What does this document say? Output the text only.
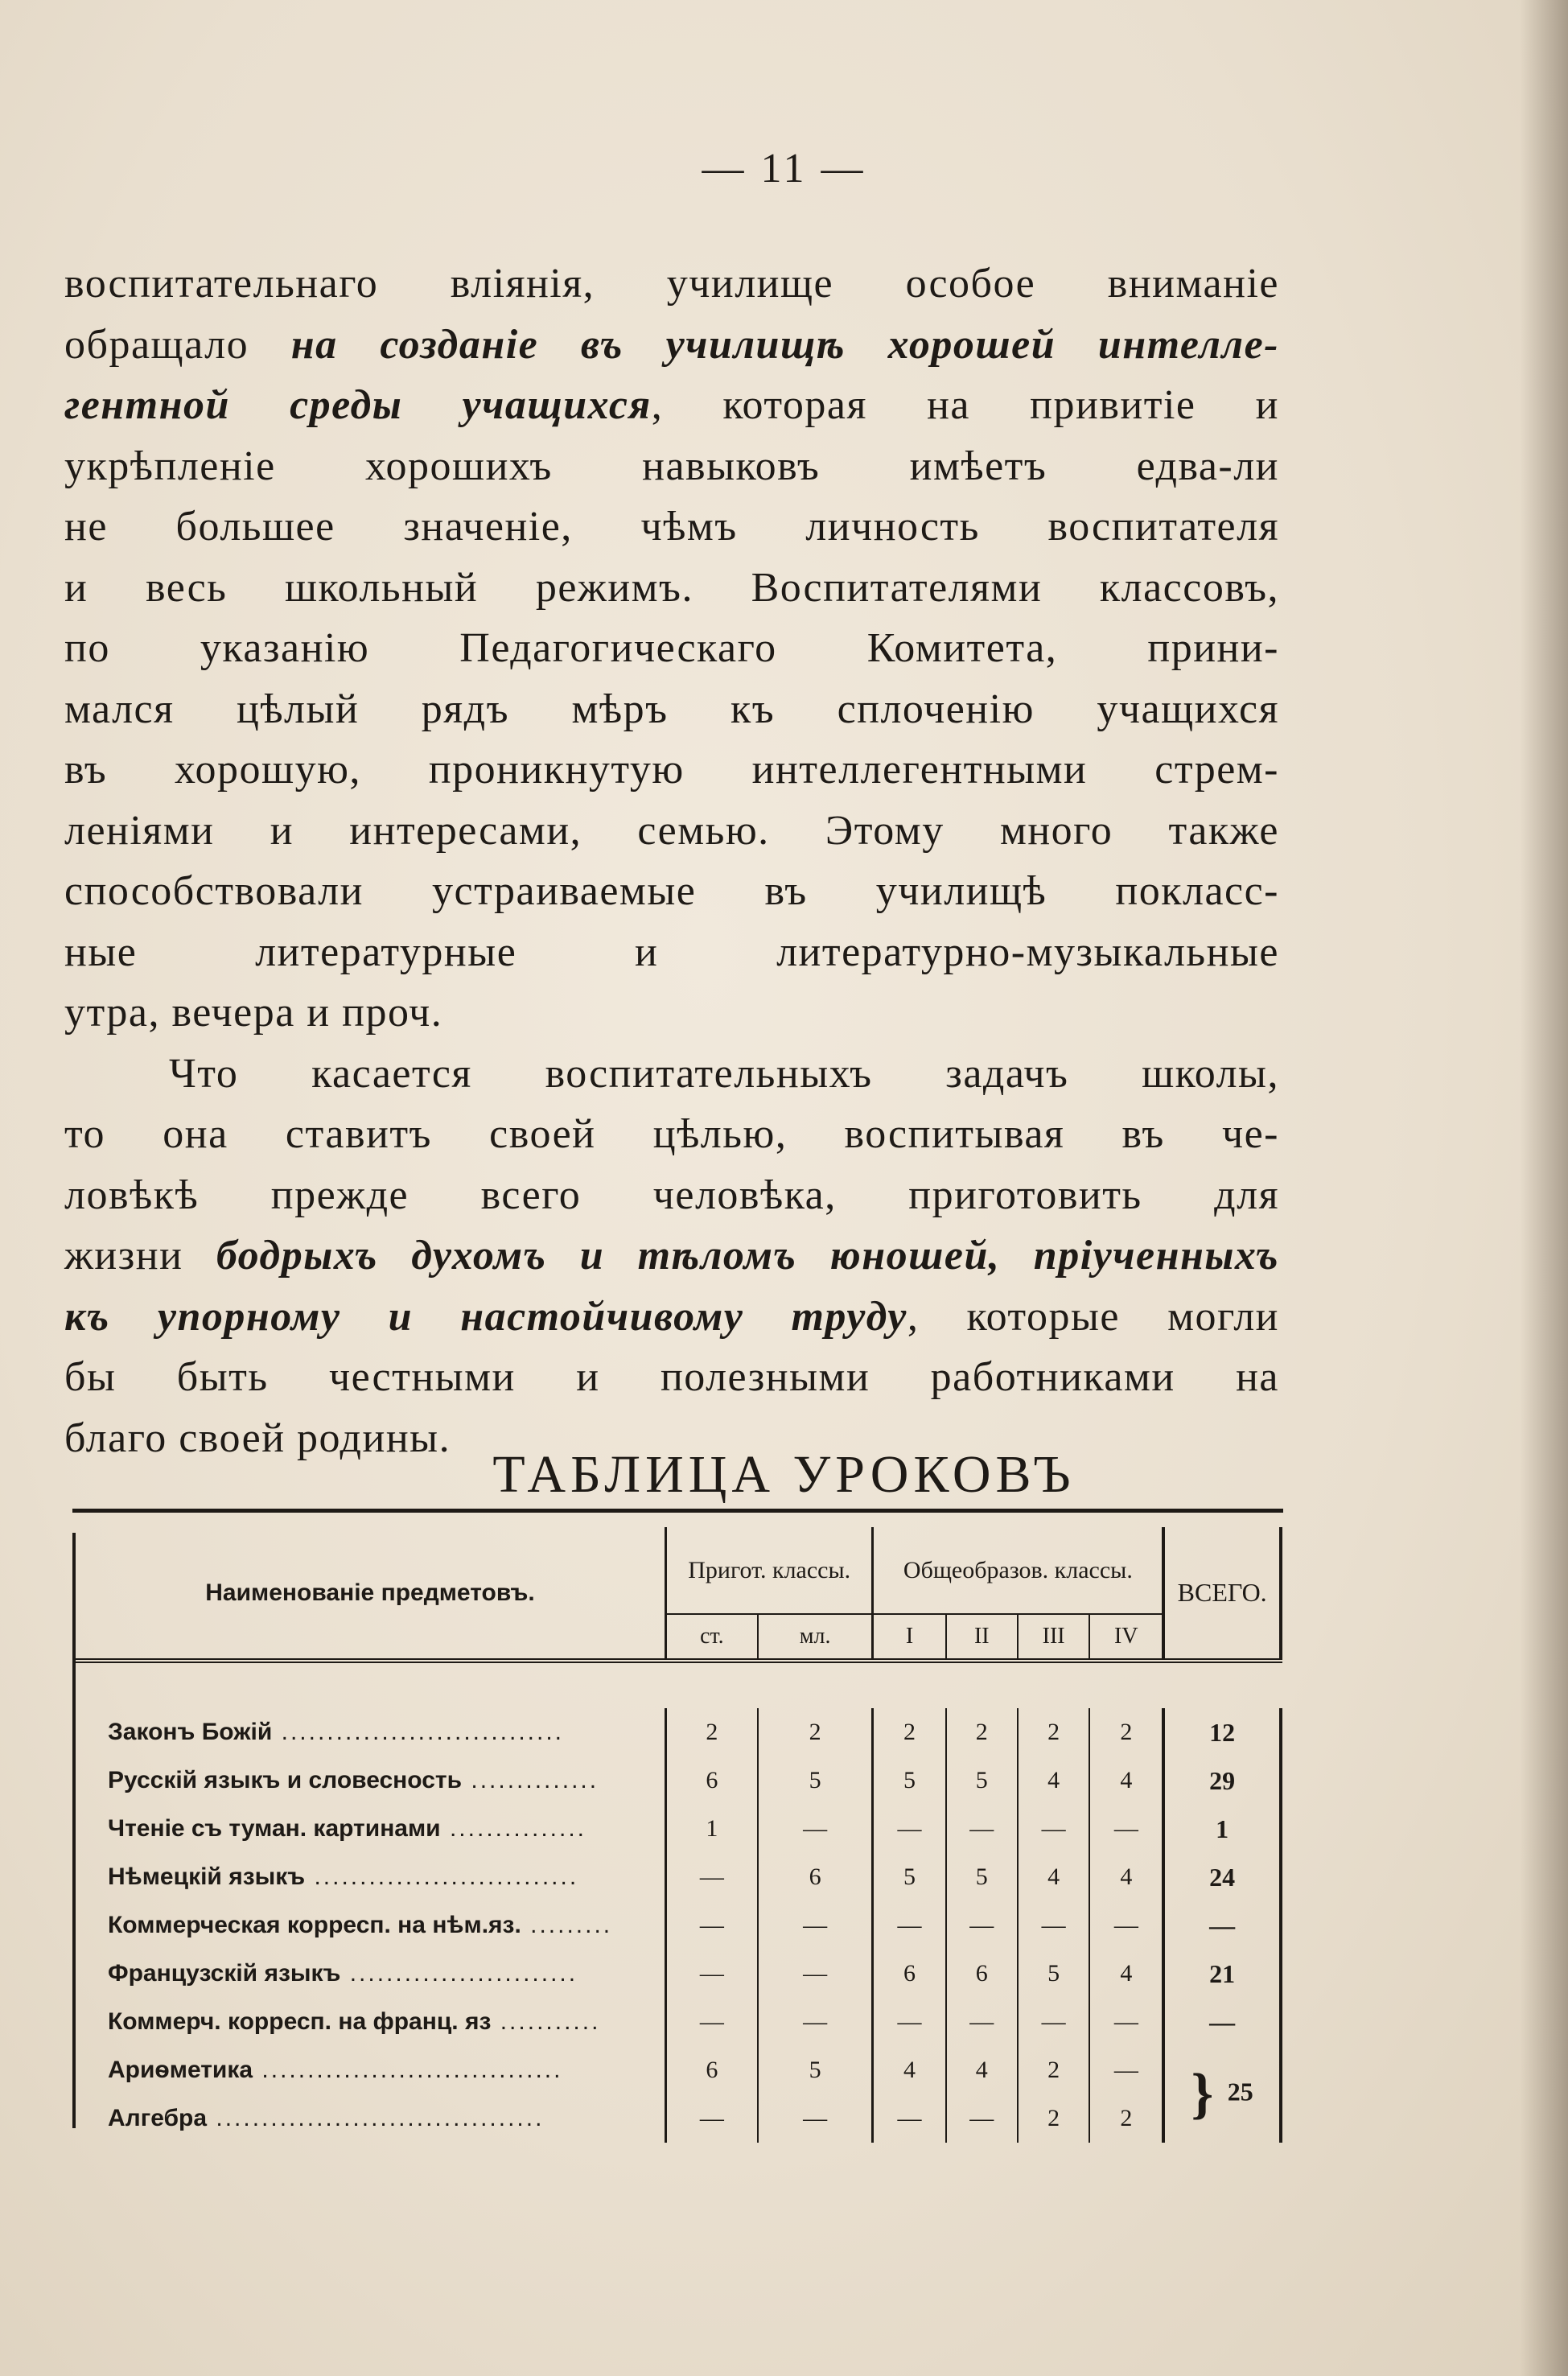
— 11 —
воспитательнаго вліянія, училище особое вниманіе
обращало на созданіе въ училищѣ хорошей интелле-
гентной среды учащихся, которая на привитіе и
укрѣпленіе хорошихъ навыковъ имѣетъ едва-ли
не большее значеніе, чѣмъ личность воспитателя
и весь школьный режимъ. Воспитателями классовъ,
по указанію Педагогическаго Комитета, прини-
мался цѣлый рядъ мѣръ къ сплоченію учащихся
въ хорошую, проникнутую интеллегентными стрем-
леніями и интересами, семью. Этому много также
способствовали устраиваемые въ училищѣ покласс-
ные литературные и литературно-музыкальные
утра, вечера и проч.
Что касается воспитательныхъ задачъ школы,
то она ставитъ своей цѣлью, воспитывая въ че-
ловѣкѣ прежде всего человѣка, приготовить для
жизни бодрыхъ духомъ и тѣломъ юношей, пріученныхъ
къ упорному и настойчивому труду, которые могли
бы быть честными и полезными работниками на
благо своей родины.
ТАБЛИЦА УРОКОВЪ
Наименованіе предметовъ.	Пригот. классы.		Общеобразов. классы.				ВСЕГО.
	ст.	мл.	I	II	III	IV	

Законъ Божій ...............................	2	2	2	2	2	2	12
Русскій языкъ и словесность ..............	6	5	5	5	4	4	29
Чтеніе съ туман. картинами ...............	1	—	—	—	—	—	1
Нѣмецкій языкъ .............................	—	6	5	5	4	4	24
Коммерческая корресп. на нѣм.яз. .........	—	—	—	—	—	—	—
Французскій языкъ .........................	—	—	6	6	5	4	21
Коммерч. корресп. на франц. яз ...........	—	—	—	—	—	—	—
Ариѳметика .................................	6	5	4	4	2	—	} 25
Алгебра ....................................	—	—	—	—	2	2	
